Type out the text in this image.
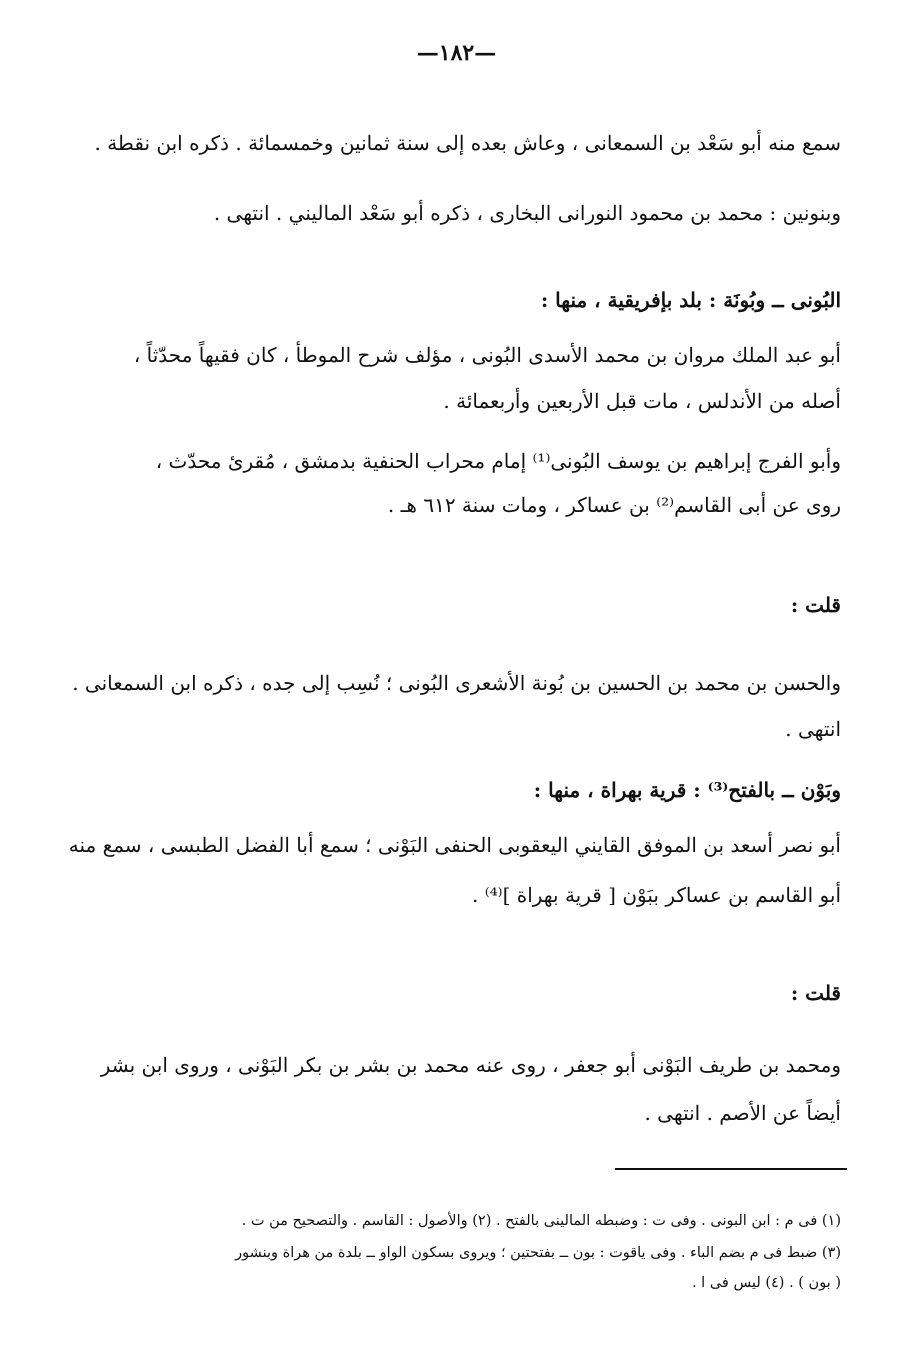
—١٨٢—
سمع منه أبو سَعْد بن السمعانى ، وعاش بعده إلى سنة ثمانين وخمسمائة . ذكره ابن نقطة .
وبنونين : محمد بن محمود النورانى البخارى ، ذكره أبو سَعْد الماليني . انتهى .
البُونى ــ وبُونَة : بلد بإفريقية ، منها :
أبو عبد الملك مروان بن محمد الأسدى البُونى ، مؤلف شرح الموطأ ، كان فقيهاً محدّثاً ،
أصله من الأندلس ، مات قبل الأربعين وأربعمائة .
وأبو الفرج إبراهيم بن يوسف البُونى⁽¹⁾ إمام محراب الحنفية بدمشق ، مُقرئ محدّث ،
روى عن أبى القاسم⁽²⁾ بن عساكر ، ومات سنة ٦١٢ هـ .
قلت :
والحسن بن محمد بن الحسين بن بُونة الأشعرى البُونى ؛ نُسِب إلى جده ، ذكره ابن السمعانى .
انتهى .
وبَوْن ــ بالفتح⁽³⁾ : قرية بهراة ، منها :
أبو نصر أسعد بن الموفق القايني اليعقوبى الحنفى البَوْنى ؛ سمع أبا الفضل الطبسى ، سمع منه
أبو القاسم بن عساكر ببَوْن [ قرية بهراة ]⁽⁴⁾ .
قلت :
ومحمد بن طريف البَوْنى أبو جعفر ، روى عنه محمد بن بشر بن بكر البَوْنى ، وروى ابن بشر
أيضاً عن الأصم . انتهى .
(١) فى م : ابن البونى . وفى ت : وضبطه المالينى بالفتح . (٢) والأصول : القاسم . والتصحيح من ت .
(٣) ضبط فى م بضم الباء . وفى ياقوت : بون ــ بفتحتين ؛ ويروى بسكون الواو ــ بلدة من هراة وبنشور
( بون ) . (٤) ليس فى ا .
